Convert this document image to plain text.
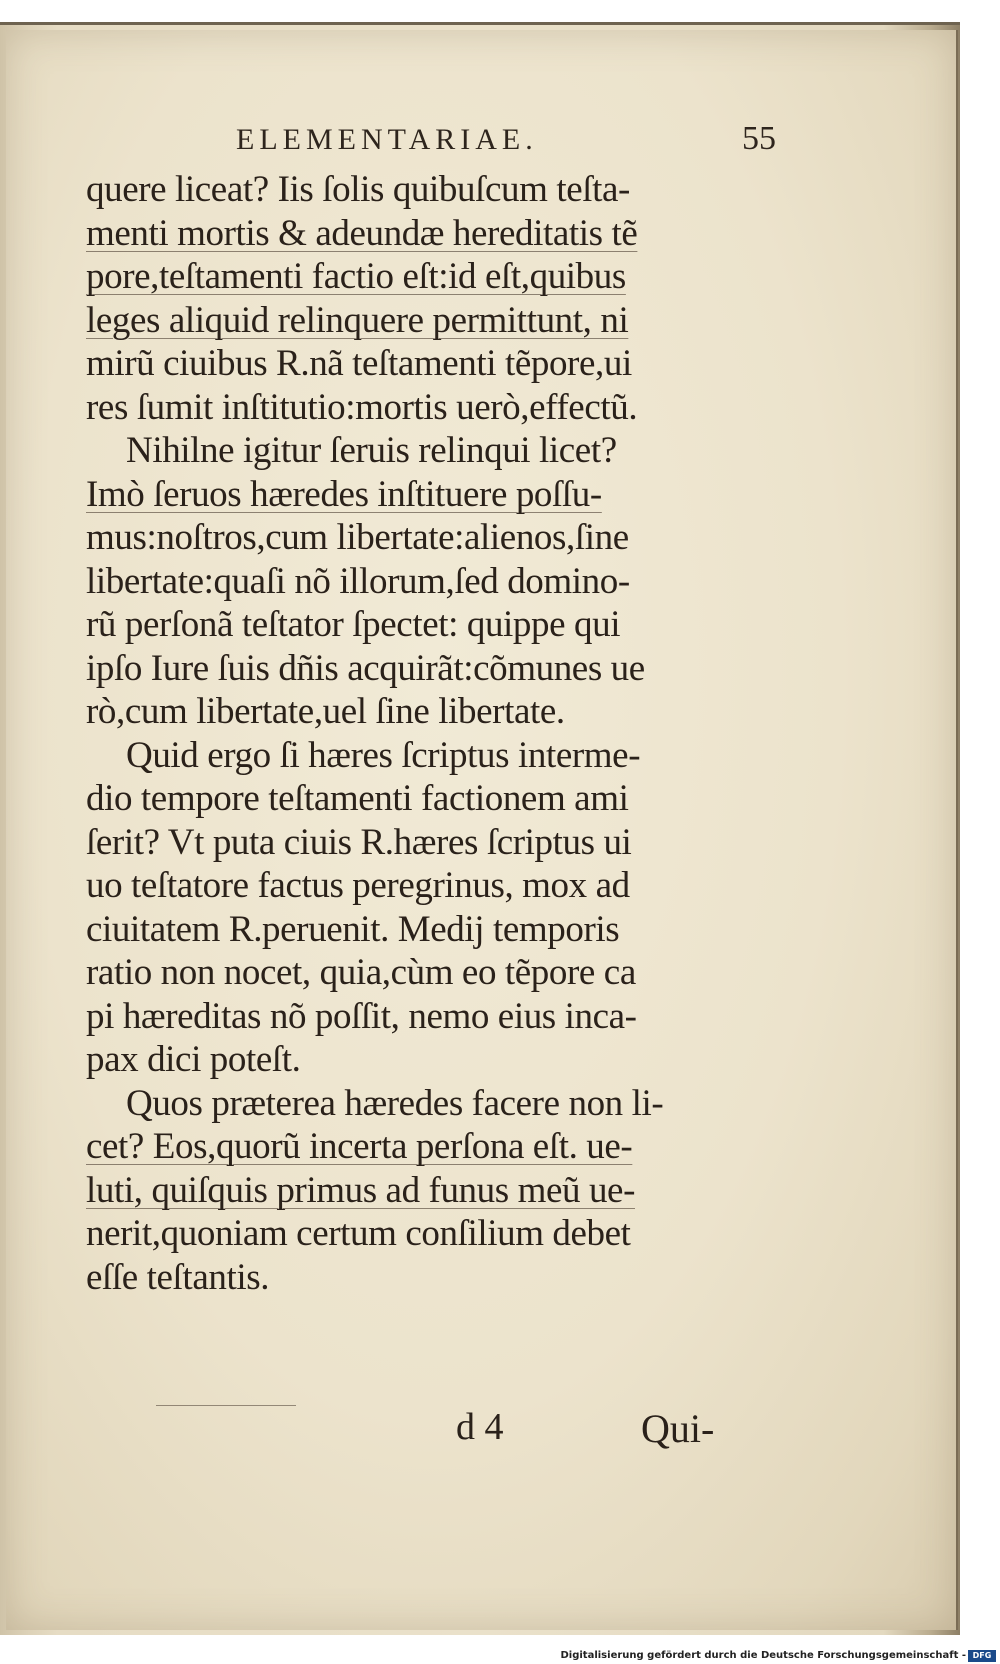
ELEMENTARIAE.	55

quere liceat? Iis ſolis quibuſcum teſta-
menti mortis & adeundæ hereditatis tẽ
pore,teſtamenti factio eſt:id eſt,quibus
leges aliquid relinquere permittunt, ni
mirũ ciuibus R.nã teſtamenti tẽpore,ui
res ſumit inſtitutio:mortis uerò,effectũ.

Nihilne igitur ſeruis relinqui licet?
Imò ſeruos hæredes inſtituere poſſu-
mus:noſtros,cum libertate:alienos,ſine
libertate:quaſi nõ illorum,ſed domino-
rũ perſonã teſtator ſpectet: quippe qui
ipſo Iure ſuis dñis acquirãt:cõmunes ue
rò,cum libertate,uel ſine libertate.

Quid ergo ſi hæres ſcriptus interme-
dio tempore teſtamenti factionem ami
ſerit? Vt puta ciuis R.hæres ſcriptus ui
uo teſtatore factus peregrinus, mox ad
ciuitatem R.peruenit. Medij temporis
ratio non nocet, quia,cùm eo tẽpore ca
pi hæreditas nõ poſſit, nemo eius inca-
pax dici poteſt.

Quos præterea hæredes facere non li-
cet? Eos,quorũ incerta perſona eſt. ue-
luti, quiſquis primus ad funus meũ ue-
nerit,quoniam certum conſilium debet
eſſe teſtantis.

d 4	Qui-
Digitalisierung gefördert durch die Deutsche Forschungsgemeinschaft - DFG
